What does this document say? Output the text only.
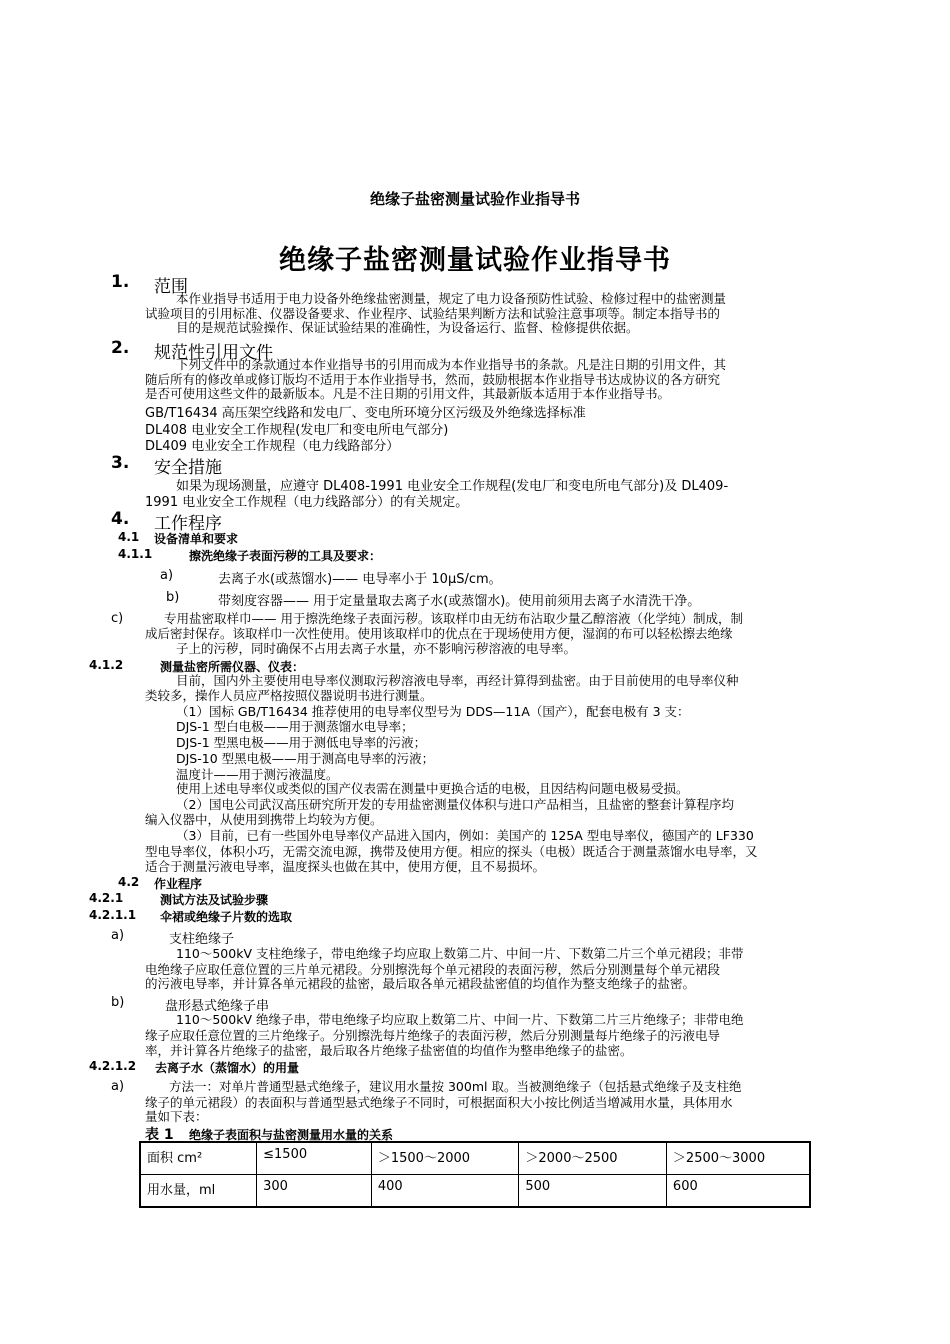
绝缘子盐密测量试验作业指导书
绝缘子盐密测量试验作业指导书
1. 范围
本作业指导书适用于电力设备外绝缘盐密测量，规定了电力设备预防性试验、检修过程中的盐密测量
试验项目的引用标准、仪器设备要求、作业程序、试验结果判断方法和试验注意事项等。制定本指导书的
目的是规范试验操作、保证试验结果的准确性，为设备运行、监督、检修提供依据。
2. 规范性引用文件
下列文件中的条款通过本作业指导书的引用而成为本作业指导书的条款。凡是注日期的引用文件，其
随后所有的修改单或修订版均不适用于本作业指导书，然而，鼓励根据本作业指导书达成协议的各方研究
是否可使用这些文件的最新版本。凡是不注日期的引用文件，其最新版本适用于本作业指导书。
GB/T16434 高压架空线路和发电厂、变电所环境分区污级及外绝缘选择标准
DL408 电业安全工作规程(发电厂和变电所电气部分)
DL409 电业安全工作规程（电力线路部分）
3. 安全措施
如果为现场测量，应遵守 DL408-1991 电业安全工作规程(发电厂和变电所电气部分)及 DL409-
1991 电业安全工作规程（电力线路部分）的有关规定。
4. 工作程序
4.1 设备清单和要求
4.1.1	擦洗绝缘子表面污秽的工具及要求：
a)	去离子水(或蒸馏水)—— 电导率小于 10μS/cm。
b)	带刻度容器—— 用于定量量取去离子水(或蒸馏水)。使用前须用去离子水清洗干净。
c)	专用盐密取样巾—— 用于擦洗绝缘子表面污秽。该取样巾由无纺布沾取少量乙醇溶液（化学纯）制成，制
成后密封保存。该取样巾一次性使用。使用该取样巾的优点在于现场使用方便，湿润的布可以轻松擦去绝缘
子上的污秽，同时确保不占用去离子水量，亦不影响污秽溶液的电导率。
4.1.2	测量盐密所需仪器、仪表：
目前，国内外主要使用电导率仪测取污秽溶液电导率，再经计算得到盐密。由于目前使用的电导率仪种
类较多，操作人员应严格按照仪器说明书进行测量。
（1）国标 GB/T16434 推荐使用的电导率仪型号为 DDS—11A（国产），配套电极有 3 支：
DJS-1 型白电极——用于测蒸馏水电导率；
DJS-1 型黑电极——用于测低电导率的污液；
DJS-10 型黑电极——用于测高电导率的污液；
温度计——用于测污液温度。
使用上述电导率仪或类似的国产仪表需在测量中更换合适的电极，且因结构问题电极易受损。
（2）国电公司武汉高压研究所开发的专用盐密测量仪体积与进口产品相当，且盐密的整套计算程序均
编入仪器中，从使用到携带上均较为方便。
（3）目前，已有一些国外电导率仪产品进入国内，例如：美国产的 125A 型电导率仪，德国产的 LF330
型电导率仪，体积小巧，无需交流电源，携带及使用方便。相应的探头（电极）既适合于测量蒸馏水电导率，又
适合于测量污液电导率，温度探头也做在其中，使用方便，且不易损坏。
4.2 作业程序
4.2.1	测试方法及试验步骤
4.2.1.1 伞裙或绝缘子片数的选取
a)	支柱绝缘子
110～500kV 支柱绝缘子，带电绝缘子均应取上数第二片、中间一片、下数第二片三个单元裙段；非带
电绝缘子应取任意位置的三片单元裙段。分别擦洗每个单元裙段的表面污秽，然后分别测量每个单元裙段
的污液电导率，并计算各单元裙段的盐密，最后取各单元裙段盐密值的均值作为整支绝缘子的盐密。
b)	盘形悬式绝缘子串
110～500kV 绝缘子串，带电绝缘子均应取上数第二片、中间一片、下数第二片三片绝缘子；非带电绝
缘子应取任意位置的三片绝缘子。分别擦洗每片绝缘子的表面污秽，然后分别测量每片绝缘子的污液电导
率，并计算各片绝缘子的盐密，最后取各片绝缘子盐密值的均值作为整串绝缘子的盐密。
4.2.1.2 去离子水（蒸馏水）的用量
a)	方法一：对单片普通型悬式绝缘子，建议用水量按 300ml 取。当被测绝缘子（包括悬式绝缘子及支柱绝
缘子的单元裙段）的表面积与普通型悬式绝缘子不同时，可根据面积大小按比例适当增减用水量，具体用水
量如下表：
表 1 绝缘子表面积与盐密测量用水量的关系
面积 cm²	≤1500	＞1500～2000	＞2000～2500	＞2500～3000
用水量，ml	300	400	500	600
